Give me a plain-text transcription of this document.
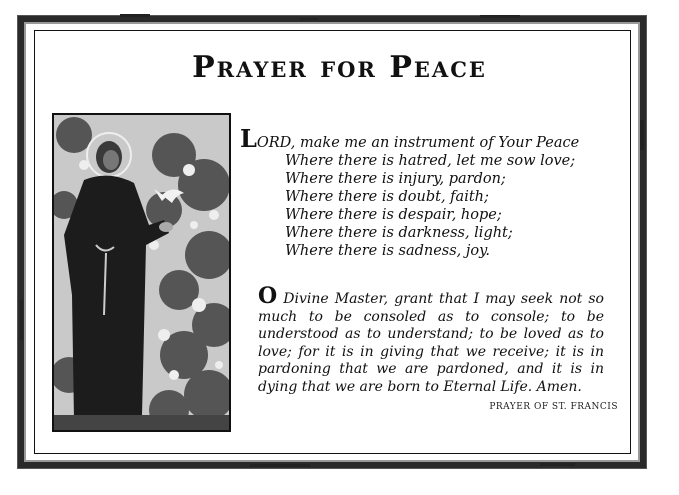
Prayer for Peace
LORD, make me an instrument of Your Peace
Where there is hatred, let me sow love;
Where there is injury, pardon;
Where there is doubt, faith;
Where there is despair, hope;
Where there is darkness, light;
Where there is sadness, joy.
O Divine Master, grant that I may seek not so much to be consoled as to console; to be understood as to understand; to be loved as to love; for it is in giving that we receive; it is in pardoning that we are pardoned, and it is in dying that we are born to Eternal Life. Amen.
PRAYER OF ST. FRANCIS
